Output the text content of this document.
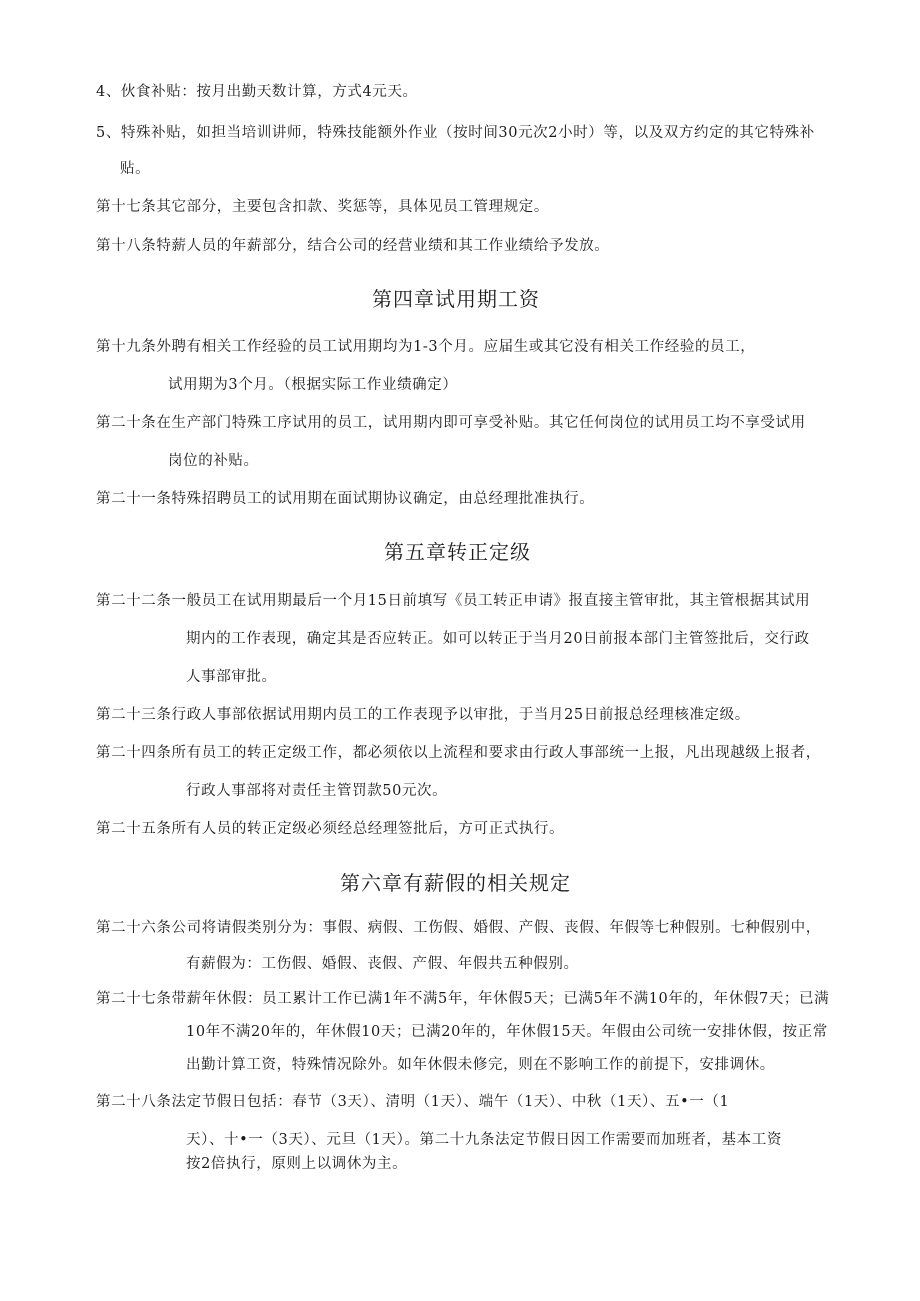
4、伙食补贴：按月出勤天数计算，方式4元天。
5、特殊补贴，如担当培训讲师，特殊技能额外作业（按时间30元次2小时）等，以及双方约定的其它特殊补
贴。
第十七条其它部分，主要包含扣款、奖惩等，具体见员工管理规定。
第十八条特薪人员的年薪部分，结合公司的经营业绩和其工作业绩给予发放。
第四章试用期工资
第十九条外聘有相关工作经验的员工试用期均为1-3个月。应届生或其它没有相关工作经验的员工，
试用期为3个月。（根据实际工作业绩确定）
第二十条在生产部门特殊工序试用的员工，试用期内即可享受补贴。其它任何岗位的试用员工均不享受试用
岗位的补贴。
第二十一条特殊招聘员工的试用期在面试期协议确定，由总经理批准执行。
第五章转正定级
第二十二条一般员工在试用期最后一个月15日前填写《员工转正申请》报直接主管审批，其主管根据其试用
期内的工作表现，确定其是否应转正。如可以转正于当月20日前报本部门主管签批后，交行政
人事部审批。
第二十三条行政人事部依据试用期内员工的工作表现予以审批，于当月25日前报总经理核准定级。
第二十四条所有员工的转正定级工作，都必须依以上流程和要求由行政人事部统一上报，凡出现越级上报者，
行政人事部将对责任主管罚款50元次。
第二十五条所有人员的转正定级必须经总经理签批后，方可正式执行。
第六章有薪假的相关规定
第二十六条公司将请假类别分为：事假、病假、工伤假、婚假、产假、丧假、年假等七种假别。七种假别中，
有薪假为：工伤假、婚假、丧假、产假、年假共五种假别。
第二十七条带薪年休假：员工累计工作已满1年不满5年，年休假5天；已满5年不满10年的，年休假7天；已满
10年不满20年的，年休假10天；已满20年的，年休假15天。年假由公司统一安排休假，按正常
出勤计算工资，特殊情况除外。如年休假未修完，则在不影响工作的前提下，安排调休。
第二十八条法定节假日包括：春节（3天）、清明（1天）、端午（1天）、中秋（1天）、五•一（1
天）、十•一（3天）、元旦（1天）。第二十九条法定节假日因工作需要而加班者，基本工资
按2倍执行，原则上以调休为主。
